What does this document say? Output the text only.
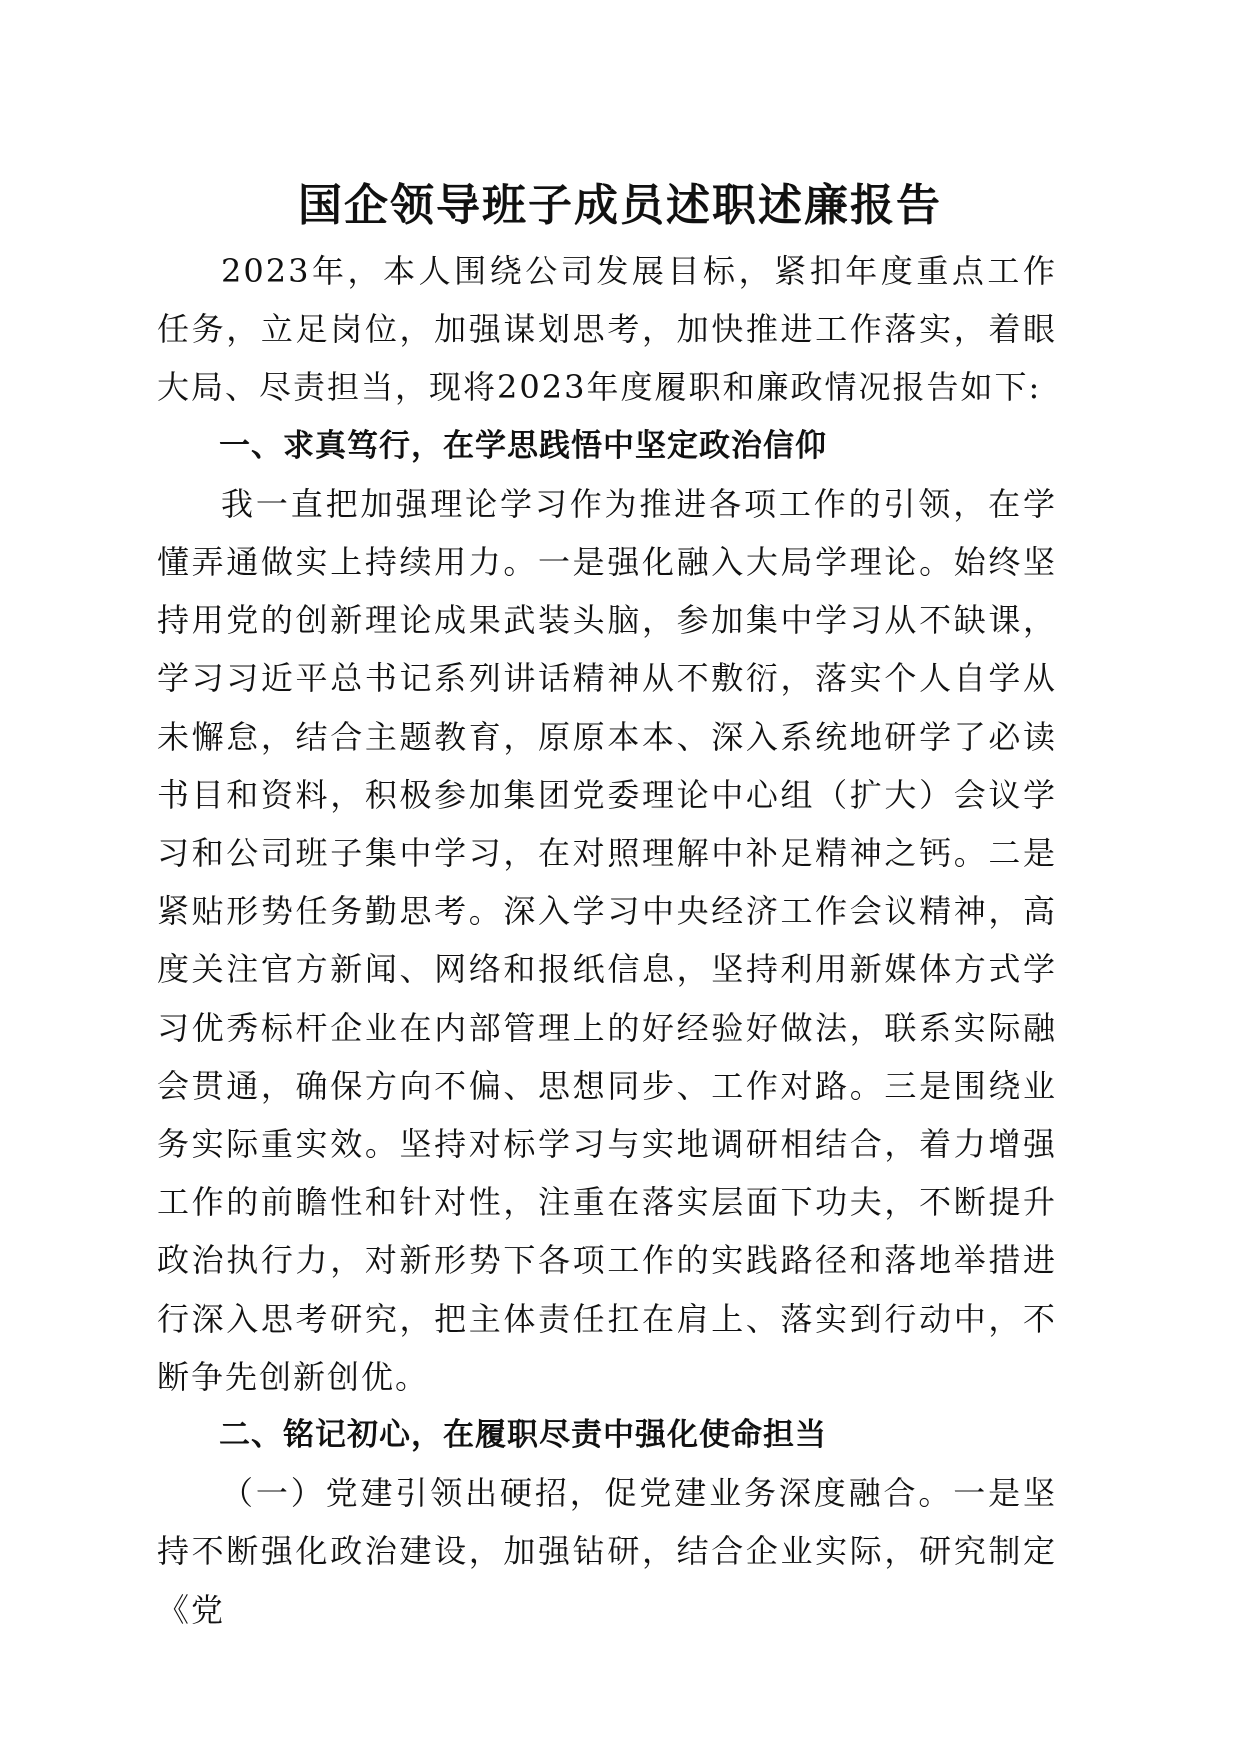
国企领导班子成员述职述廉报告

2023年，本人围绕公司发展目标，紧扣年度重点工作任务，立足岗位，加强谋划思考，加快推进工作落实，着眼大局、尽责担当，现将2023年度履职和廉政情况报告如下:

一、求真笃行，在学思践悟中坚定政治信仰

我一直把加强理论学习作为推进各项工作的引领，在学懂弄通做实上持续用力。一是强化融入大局学理论。始终坚持用党的创新理论成果武装头脑，参加集中学习从不缺课，学习习近平总书记系列讲话精神从不敷衍，落实个人自学从未懈怠，结合主题教育，原原本本、深入系统地研学了必读书目和资料，积极参加集团党委理论中心组（扩大）会议学习和公司班子集中学习，在对照理解中补足精神之钙。二是紧贴形势任务勤思考。深入学习中央经济工作会议精神，高度关注官方新闻、网络和报纸信息，坚持利用新媒体方式学习优秀标杆企业在内部管理上的好经验好做法，联系实际融会贯通，确保方向不偏、思想同步、工作对路。三是围绕业务实际重实效。坚持对标学习与实地调研相结合，着力增强工作的前瞻性和针对性，注重在落实层面下功夫，不断提升政治执行力，对新形势下各项工作的实践路径和落地举措进行深入思考研究，把主体责任扛在肩上、落实到行动中，不断争先创新创优。

二、铭记初心，在履职尽责中强化使命担当

（一）党建引领出硬招，促党建业务深度融合。一是坚持不断强化政治建设，加强钻研，结合企业实际，研究制定《党
